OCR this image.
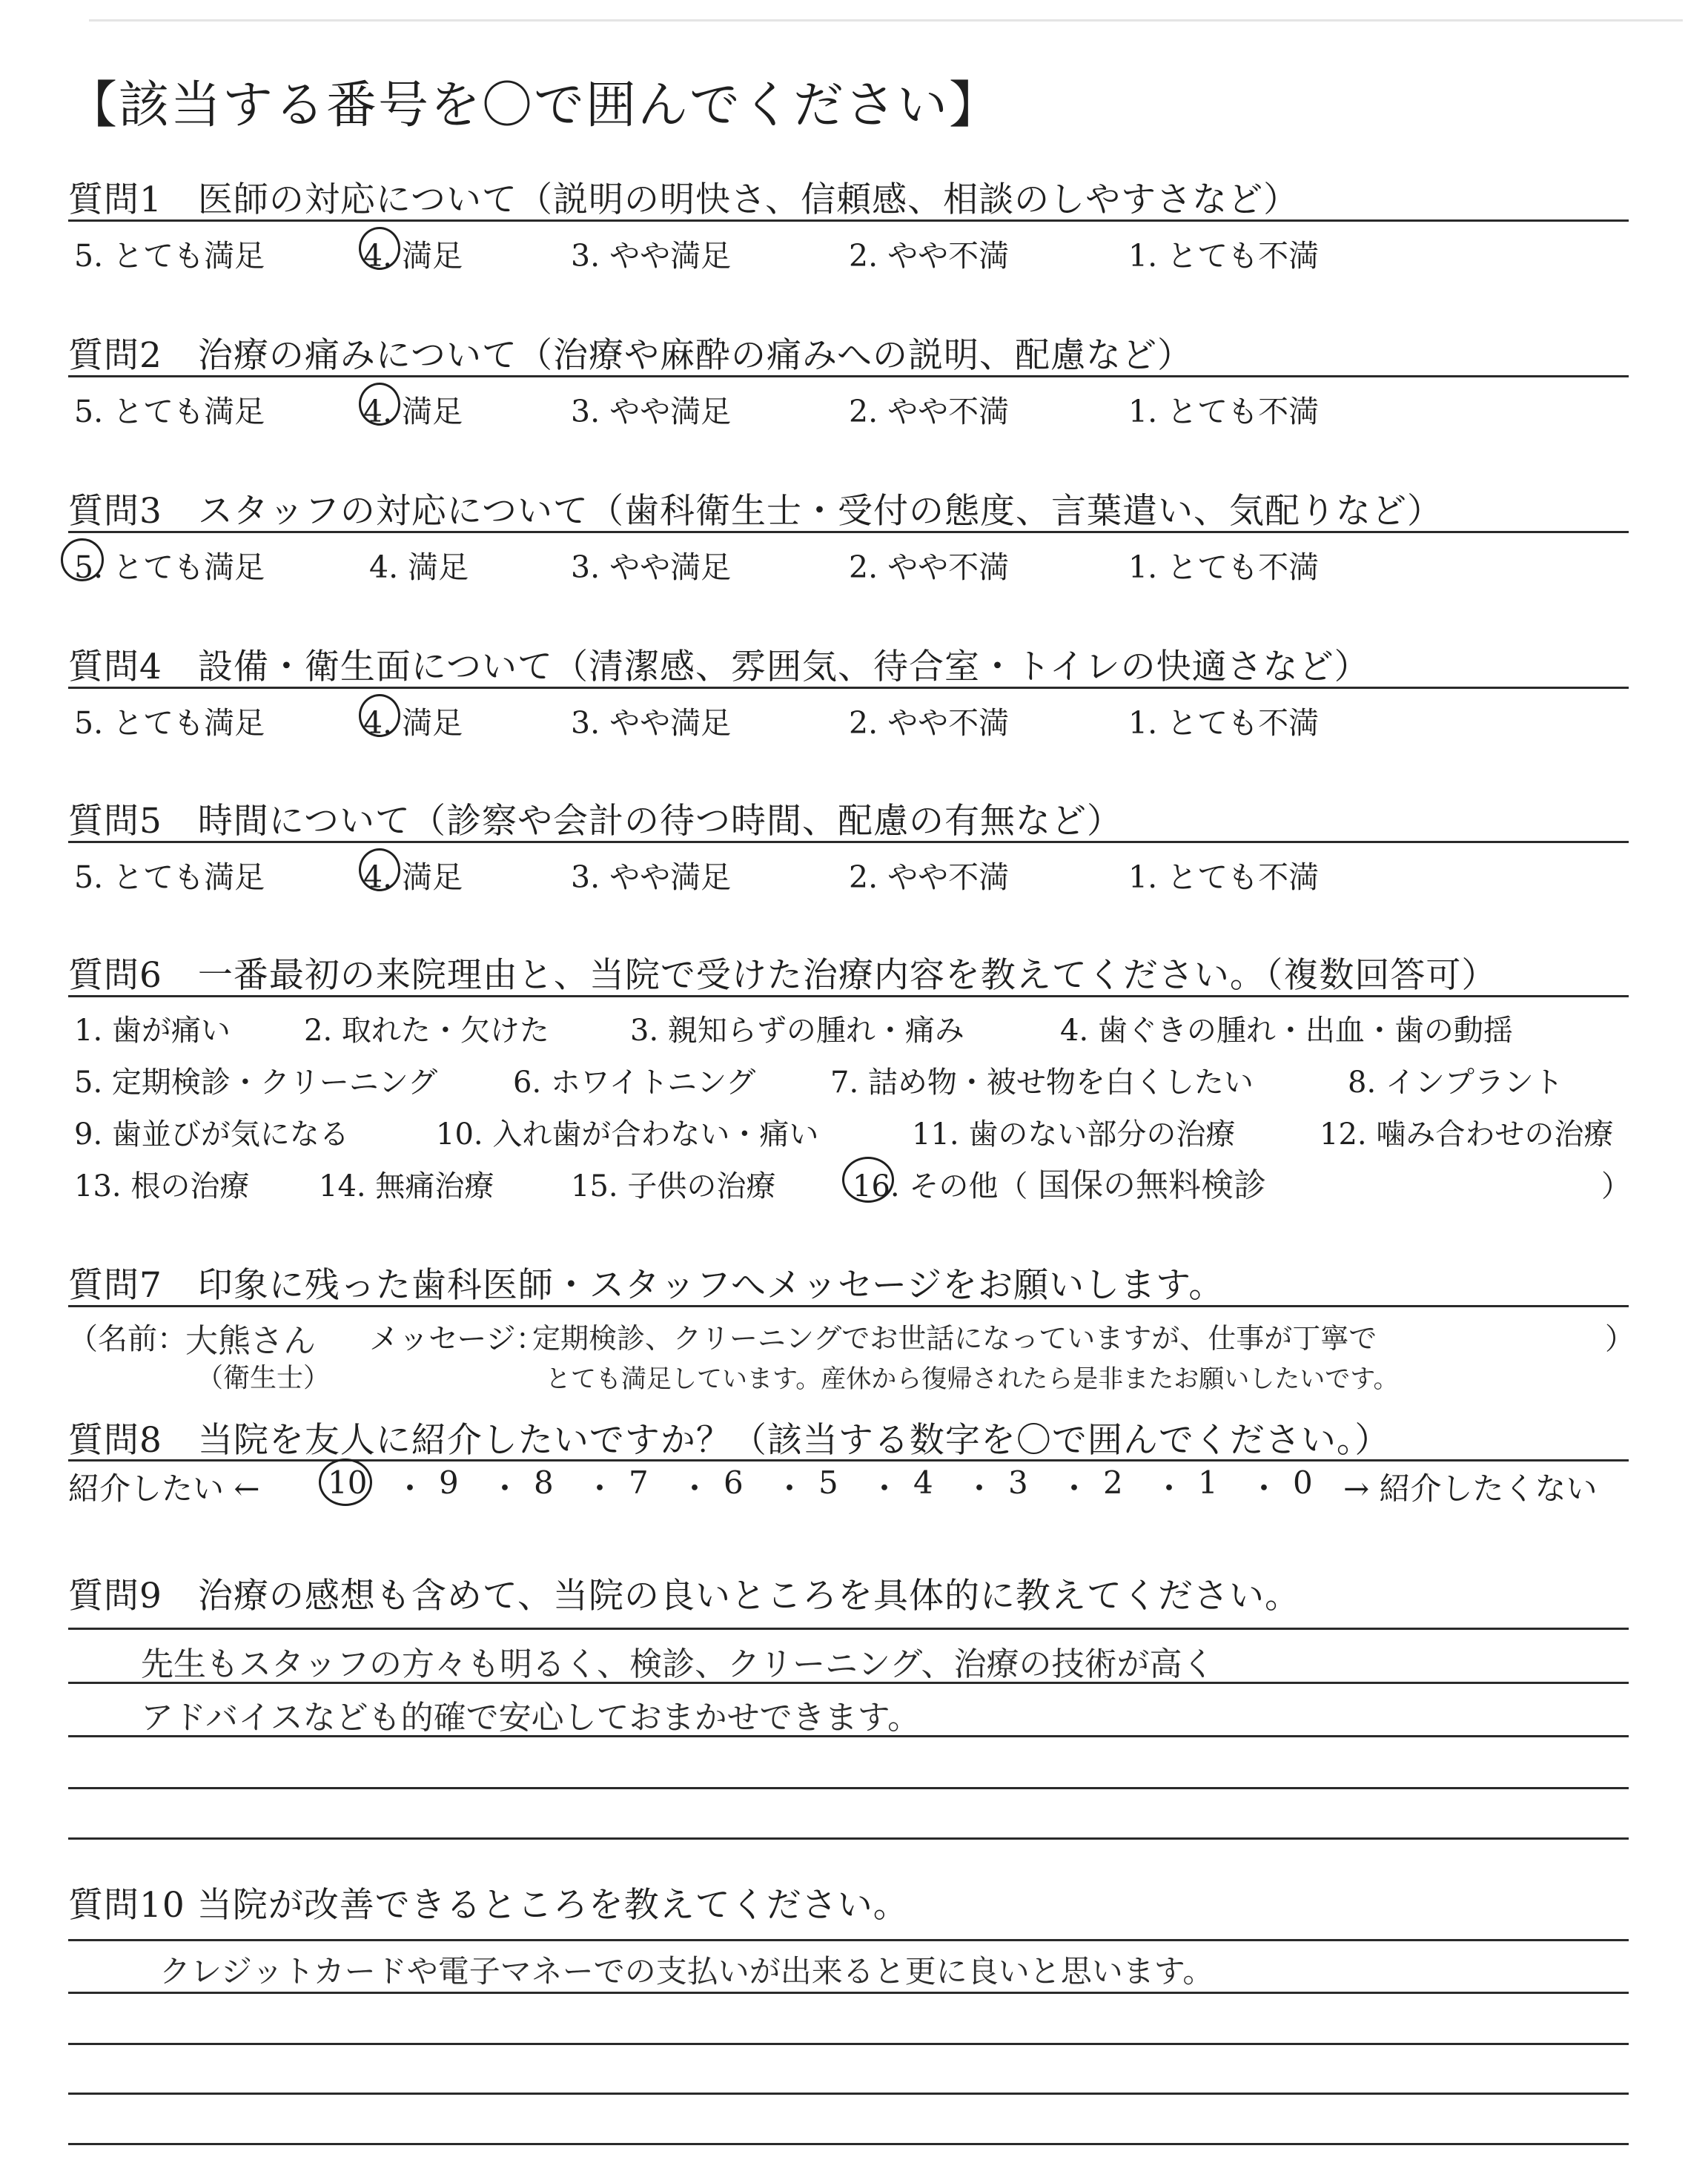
【該当する番号を〇で囲んでください】
質問1　医師の対応について（説明の明快さ、信頼感、相談のしやすさなど）
5. とても満足	4. 満足	3. やや満足	2. やや不満	1. とても不満
質問2　治療の痛みについて（治療や麻酔の痛みへの説明、配慮など）
5. とても満足	4. 満足	3. やや満足	2. やや不満	1. とても不満
質問3　スタッフの対応について（歯科衛生士・受付の態度、言葉遣い、気配りなど）
5. とても満足	4. 満足	3. やや満足	2. やや不満	1. とても不満
質問4　設備・衛生面について（清潔感、雰囲気、待合室・トイレの快適さなど）
5. とても満足	4. 満足	3. やや満足	2. やや不満	1. とても不満
質問5　時間について（診察や会計の待つ時間、配慮の有無など）
5. とても満足	4. 満足	3. やや満足	2. やや不満	1. とても不満
質問6　一番最初の来院理由と、当院で受けた治療内容を教えてください。（複数回答可）
1. 歯が痛い 2. 取れた・欠けた	3. 親知らずの腫れ・痛み	4. 歯ぐきの腫れ・出血・歯の動揺
5. 定期検診・クリーニング	6. ホワイトニング	7. 詰め物・被せ物を白くしたい	8. インプラント
9. 歯並びが気になる	10. 入れ歯が合わない・痛い	11. 歯のない部分の治療	12. 噛み合わせの治療
13. 根の治療 14. 無痛治療	15. 子供の治療	16. その他（ 国保の無料検診	）
質問7　印象に残った歯科医師・スタッフへメッセージをお願いします。
（名前：
大熊さん
（衛生士）
メッセージ：
定期検診、クリーニングでお世話になっていますが、仕事が丁寧で
とても満足しています。産休から復帰されたら是非またお願いしたいです。
）
質問8　当院を友人に紹介したいですか？（該当する数字を〇で囲んでください。）
紹介したい ← 10 ・ 9 ・ 8 ・ 7 ・ 6 ・ 5 ・ 4 ・ 3 ・ 2 ・ 1 ・ 0 → 紹介したくない
質問9　治療の感想も含めて、当院の良いところを具体的に教えてください。
先生もスタッフの方々も明るく、検診、クリーニング、治療の技術が高く
アドバイスなども的確で安心しておまかせできます。
質問10 当院が改善できるところを教えてください。
クレジットカードや電子マネーでの支払いが出来ると更に良いと思います。
